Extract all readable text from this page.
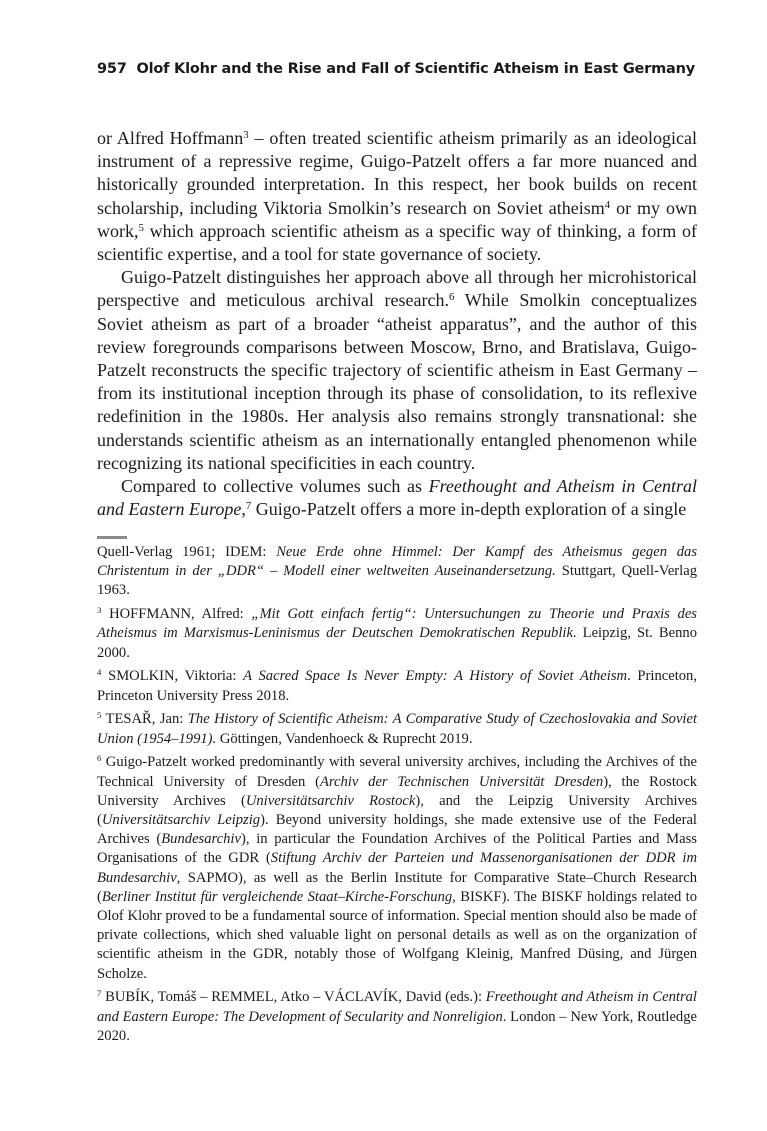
957 Olof Klohr and the Rise and Fall of Scientific Atheism in East Germany

or Alfred Hoffmann$^3$ – often treated scientific atheism primarily as an ideological instrument of a repressive regime, Guigo-Patzelt offers a far more nuanced and historically grounded interpretation. In this respect, her book builds on recent scholarship, including Viktoria Smolkin’s research on Soviet atheism$^4$ or my own work,$^5$ which approach scientific atheism as a specific way of thinking, a form of scientific expertise, and a tool for state governance of society.

Guigo-Patzelt distinguishes her approach above all through her microhistorical perspective and meticulous archival research.$^6$ While Smolkin conceptualizes Soviet atheism as part of a broader “atheist apparatus”, and the author of this review foregrounds comparisons between Moscow, Brno, and Bratislava, Guigo-Patzelt reconstructs the specific trajectory of scientific atheism in East Germany – from its institutional inception through its phase of consolidation, to its reflexive redefinition in the 1980s. Her analysis also remains strongly transnational: she understands scientific atheism as an internationally entangled phenomenon while recognizing its national specificities in each country.

Compared to collective volumes such as Freethought and Atheism in Central and Eastern Europe,$^7$ Guigo-Patzelt offers a more in-depth exploration of a single

Quell-Verlag 1961; IDEM: Neue Erde ohne Himmel: Der Kampf des Atheismus gegen das Christentum in der „DDR“ – Modell einer weltweiten Auseinandersetzung. Stuttgart, Quell-Verlag 1963.

$^3$ HOFFMANN, Alfred: „Mit Gott einfach fertig“: Untersuchungen zu Theorie und Praxis des Atheismus im Marxismus-Leninismus der Deutschen Demokratischen Republik. Leipzig, St. Benno 2000.

$^4$ SMOLKIN, Viktoria: A Sacred Space Is Never Empty: A History of Soviet Atheism. Princeton, Princeton University Press 2018.

$^5$ TESAŘ, Jan: The History of Scientific Atheism: A Comparative Study of Czechoslovakia and Soviet Union (1954–1991). Göttingen, Vandenhoeck & Ruprecht 2019.

$^6$ Guigo-Patzelt worked predominantly with several university archives, including the Archives of the Technical University of Dresden (Archiv der Technischen Universität Dresden), the Rostock University Archives (Universitätsarchiv Rostock), and the Leipzig University Archives (Universitätsarchiv Leipzig). Beyond university holdings, she made extensive use of the Federal Archives (Bundesarchiv), in particular the Foundation Archives of the Political Parties and Mass Organisations of the GDR (Stiftung Archiv der Parteien und Massenorganisationen der DDR im Bundesarchiv, SAPMO), as well as the Berlin Institute for Comparative State–Church Research (Berliner Institut für vergleichende Staat–Kirche-Forschung, BISKF). The BISKF holdings related to Olof Klohr proved to be a fundamental source of information. Special mention should also be made of private collections, which shed valuable light on personal details as well as on the organization of scientific atheism in the GDR, notably those of Wolfgang Kleinig, Manfred Düsing, and Jürgen Scholze.

$^7$ BUBÍK, Tomáš – REMMEL, Atko – VÁCLAVÍK, David (eds.): Freethought and Atheism in Central and Eastern Europe: The Development of Secularity and Nonreligion. London – New York, Routledge 2020.
